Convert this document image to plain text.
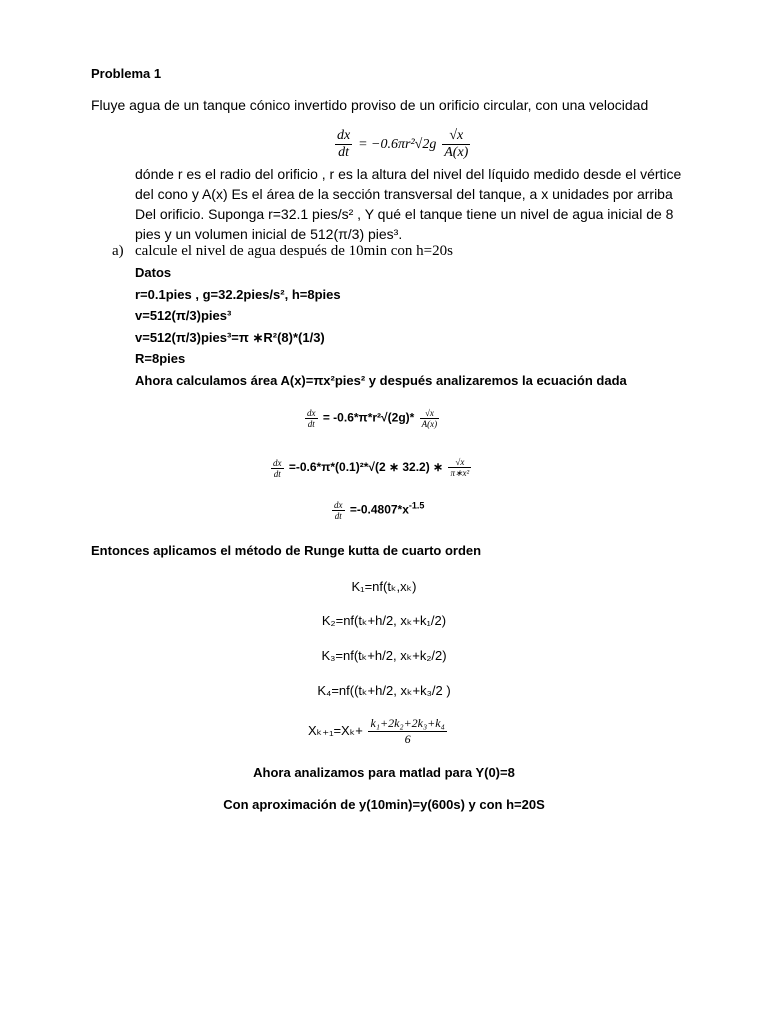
Problema 1
Fluye agua de un tanque cónico invertido proviso de un orificio circular, con una velocidad
$\frac{dx}{dt} = -0.6\pi r^2√2g \frac{√x}{A(x)}$
dónde r es el radio del orificio , r es la altura del nivel del líquido medido desde el vértice
del cono y A(x) Es el área de la sección transversal del tanque, a x unidades por arriba
Del orificio. Suponga r=32.1 pies/s² , Y qué el tanque tiene un nivel de agua inicial de 8
pies y un volumen inicial de 512(π/3) pies³.
a) calcule el nivel de agua después de 10min con h=20s
Datos
r=0.1pies , g=32.2pies/s², h=8pies
v=512(π/3)pies³
v=512(π/3)pies³=π ∗R²(8)*(1/3)
R=8pies
Ahora calculamos área A(x)=πx²pies² y después analizaremos la ecuación dada
$\frac{dx}{dt} = -0.6*\pi*r^2√(2g)* \frac{√x}{A(x)}$
$\frac{dx}{dt} =-0.6*\pi*(0.1)^2*√(2$ ∗ 32.2) ∗ $\frac{√x}{\text{π∗x²}}$
$\frac{dx}{dt} =-0.4807*x^{-1.5}$
Entonces aplicamos el método de Runge kutta de cuarto orden
K₁=nf(tₖ,xₖ)
K₂=nf(tₖ+h/2, xₖ+k₁/2)
K₃=nf(tₖ+h/2, xₖ+k₂/2)
K₄=nf((tₖ+h/2, xₖ+k₃/2 )
$X_{k+1}=X_k+ \frac{\text{k₁+2k₂+2k₃+k₄}}{6}$
Ahora analizamos para matlad para Y(0)=8
Con aproximación de y(10min)=y(600s) y con h=20S
